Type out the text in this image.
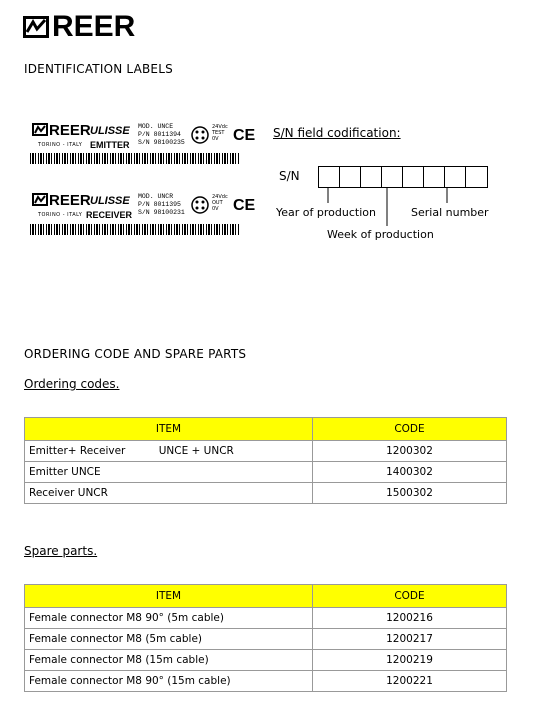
REER
IDENTIFICATION LABELS
REER
TORINO - ITALY
ULISSE
EMITTER
MOD. UNCE
P/N 8011394
S/N 98100235
24Vdc
TEST
0V CE
REER
TORINO - ITALY
ULISSE
RECEIVER
MOD. UNCR
P/N 8011395
S/N 98100231
24Vdc
OUT
0V CE
S/N field codification:
S/N
Year of production	Serial number
Week of production
ORDERING CODE AND SPARE PARTS
Ordering codes.
ITEM	CODE
Emitter+ Receiver UNCE + UNCR	1200302
Emitter UNCE	1400302
Receiver UNCR	1500302
Spare parts.
ITEM	CODE
Female connector M8 90° (5m cable)	1200216
Female connector M8 (5m cable)	1200217
Female connector M8 (15m cable)	1200219
Female connector M8 90° (15m cable)	1200221
